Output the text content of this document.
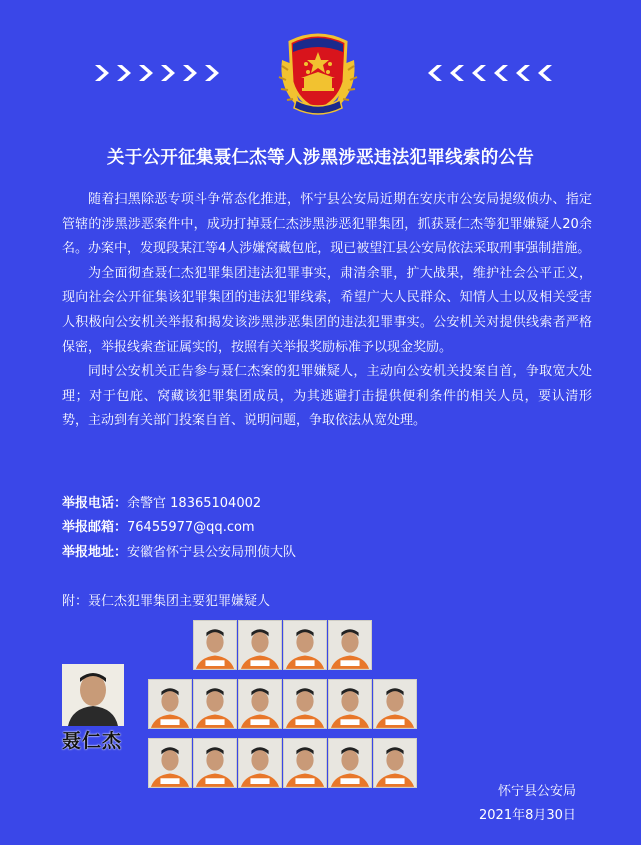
关于公开征集聂仁杰等人涉黑涉恶违法犯罪线索的公告

随着扫黑除恶专项斗争常态化推进，怀宁县公安局近期在安庆市公安局提级侦办、指定管辖的涉黑涉恶案件中，成功打掉聂仁杰涉黑涉恶犯罪集团，抓获聂仁杰等犯罪嫌疑人20余名。办案中，发现段某江等4人涉嫌窝藏包庇，现已被望江县公安局依法采取刑事强制措施。

为全面彻查聂仁杰犯罪集团违法犯罪事实，肃清余罪，扩大战果，维护社会公平正义，现向社会公开征集该犯罪集团的违法犯罪线索，希望广大人民群众、知情人士以及相关受害人积极向公安机关举报和揭发该涉黑涉恶集团的违法犯罪事实。公安机关对提供线索者严格保密，举报线索查证属实的，按照有关举报奖励标准予以现金奖励。

同时公安机关正告参与聂仁杰案的犯罪嫌疑人，主动向公安机关投案自首，争取宽大处理；对于包庇、窝藏该犯罪集团成员，为其逃避打击提供便利条件的相关人员，要认清形势，主动到有关部门投案自首、说明问题，争取依法从宽处理。

举报电话：余警官 18365104002
举报邮箱：76455977@qq.com
举报地址：安徽省怀宁县公安局刑侦大队
附：聂仁杰犯罪集团主要犯罪嫌疑人
聂仁杰
怀宁县公安局
2021年8月30日
